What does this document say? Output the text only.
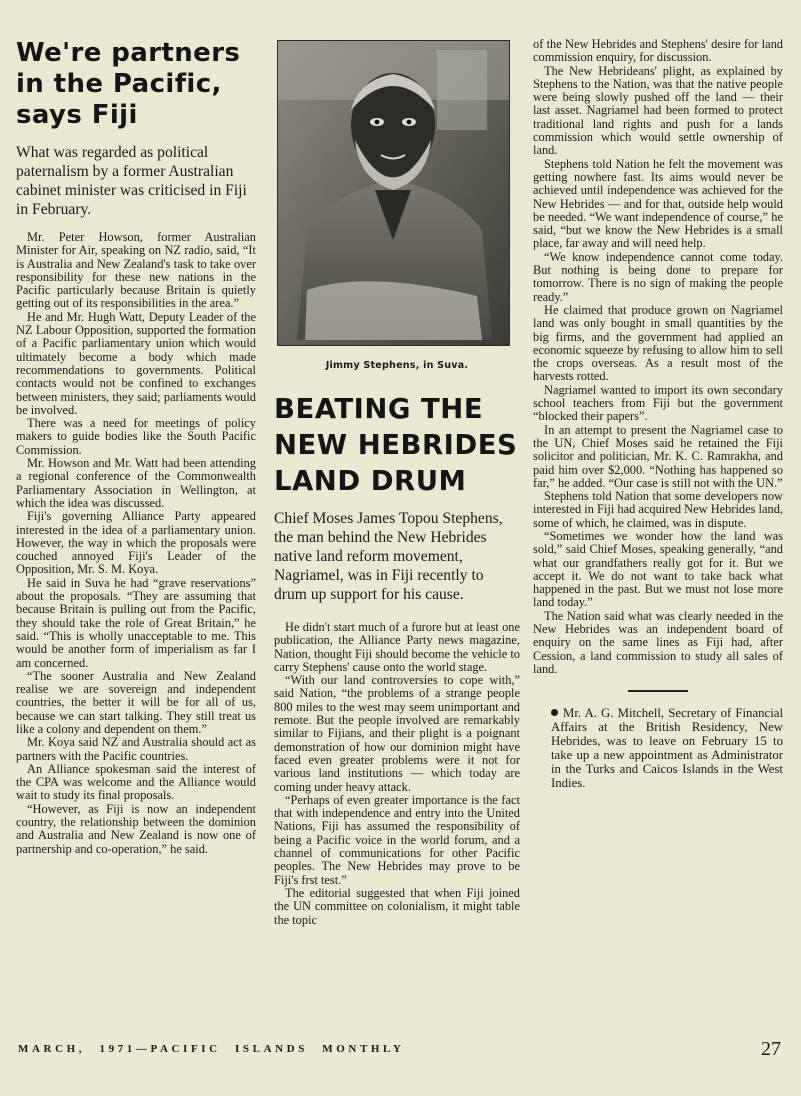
We're partners in the Pacific, says Fiji

What was regarded as political paternalism by a former Australian cabinet minister was criticised in Fiji in February.

Mr. Peter Howson, former Australian Minister for Air, speaking on NZ radio, said, “It is Australia and New Zealand's task to take over responsibility for these new nations in the Pacific particularly because Britain is quietly getting out of its responsibilities in the area.”

He and Mr. Hugh Watt, Deputy Leader of the NZ Labour Opposition, supported the formation of a Pacific parliamentary union which would ultimately become a body which made recommendations to governments. Political contacts would not be confined to exchanges between ministers, they said; parliaments would be involved.

There was a need for meetings of policy makers to guide bodies like the South Pacific Commission.

Mr. Howson and Mr. Watt had been attending a regional conference of the Commonwealth Parliamentary Association in Wellington, at which the idea was discussed.

Fiji's governing Alliance Party appeared interested in the idea of a parliamentary union. However, the way in which the proposals were couched annoyed Fiji's Leader of the Opposition, Mr. S. M. Koya.

He said in Suva he had “grave reservations” about the proposals. “They are assuming that because Britain is pulling out from the Pacific, they should take the role of Great Britain,” he said. “This is wholly unacceptable to me. This would be another form of imperialism as far I am concerned.

“The sooner Australia and New Zealand realise we are sovereign and independent countries, the better it will be for all of us, because we can start talking. They still treat us like a colony and dependent on them.”

Mr. Koya said NZ and Australia should act as partners with the Pacific countries.

An Alliance spokesman said the interest of the CPA was welcome and the Alliance would wait to study its final proposals.

“However, as Fiji is now an independent country, the relationship between the dominion and Australia and New Zealand is now one of partnership and co-operation,” he said.

Jimmy Stephens, in Suva.

BEATING THE
NEW HEBRIDES
LAND DRUM

Chief Moses James Topou Stephens, the man behind the New Hebrides native land reform movement, Nagriamel, was in Fiji recently to drum up support for his cause.

He didn't start much of a furore but at least one publication, the Alliance Party news magazine, Nation, thought Fiji should become the vehicle to carry Stephens' cause onto the world stage.

“With our land controversies to cope with,” said Nation, “the problems of a strange people 800 miles to the west may seem unimportant and remote. But the people involved are remarkably similar to Fijians, and their plight is a poignant demonstration of how our dominion might have faced even greater problems were it not for various land institutions — which today are coming under heavy attack.

“Perhaps of even greater importance is the fact that with independence and entry into the United Nations, Fiji has assumed the responsibility of being a Pacific voice in the world forum, and a channel of communications for other Pacific peoples. The New Hebrides may prove to be Fiji's frst test.”

The editorial suggested that when Fiji joined the UN committee on colonialism, it might table the topic

of the New Hebrides and Stephens' desire for land commission enquiry, for discussion.

The New Hebrideans' plight, as explained by Stephens to the Nation, was that the native people were being slowly pushed off the land — their last asset. Nagriamel had been formed to protect traditional land rights and push for a lands commission which would settle ownership of land.

Stephens told Nation he felt the movement was getting nowhere fast. Its aims would never be achieved until independence was achieved for the New Hebrides — and for that, outside help would be needed. “We want independence of course,” he said, “but we know the New Hebrides is a small place, far away and will need help.

“We know independence cannot come today. But nothing is being done to prepare for tomorrow. There is no sign of making the people ready.”

He claimed that produce grown on Nagriamel land was only bought in small quantities by the big firms, and the government had applied an economic squeeze by refusing to allow him to sell the crops overseas. As a result most of the harvests rotted.

Nagriamel wanted to import its own secondary school teachers from Fiji but the government “blocked their papers”.

In an attempt to present the Nagriamel case to the UN, Chief Moses said he retained the Fiji solicitor and politician, Mr. K. C. Ramrakha, and paid him over $2,000. “Nothing has happened so far,” he added. “Our case is still not with the UN.”

Stephens told Nation that some developers now interested in Fiji had acquired New Hebrides land, some of which, he claimed, was in dispute.

“Sometimes we wonder how the land was sold,” said Chief Moses, speaking generally, “and what our grandfathers really got for it. But we accept it. We do not want to take back what happened in the past. But we must not lose more land today.”

The Nation said what was clearly needed in the New Hebrides was an independent board of enquiry on the same lines as Fiji had, after Cession, a land commission to study all sales of land.

Mr. A. G. Mitchell, Secretary of Financial Affairs at the British Residency, New Hebrides, was to leave on February 15 to take up a new appointment as Administrator in the Turks and Caicos Islands in the West Indies.

MARCH, 1971—PACIFIC ISLANDS MONTHLY	27
